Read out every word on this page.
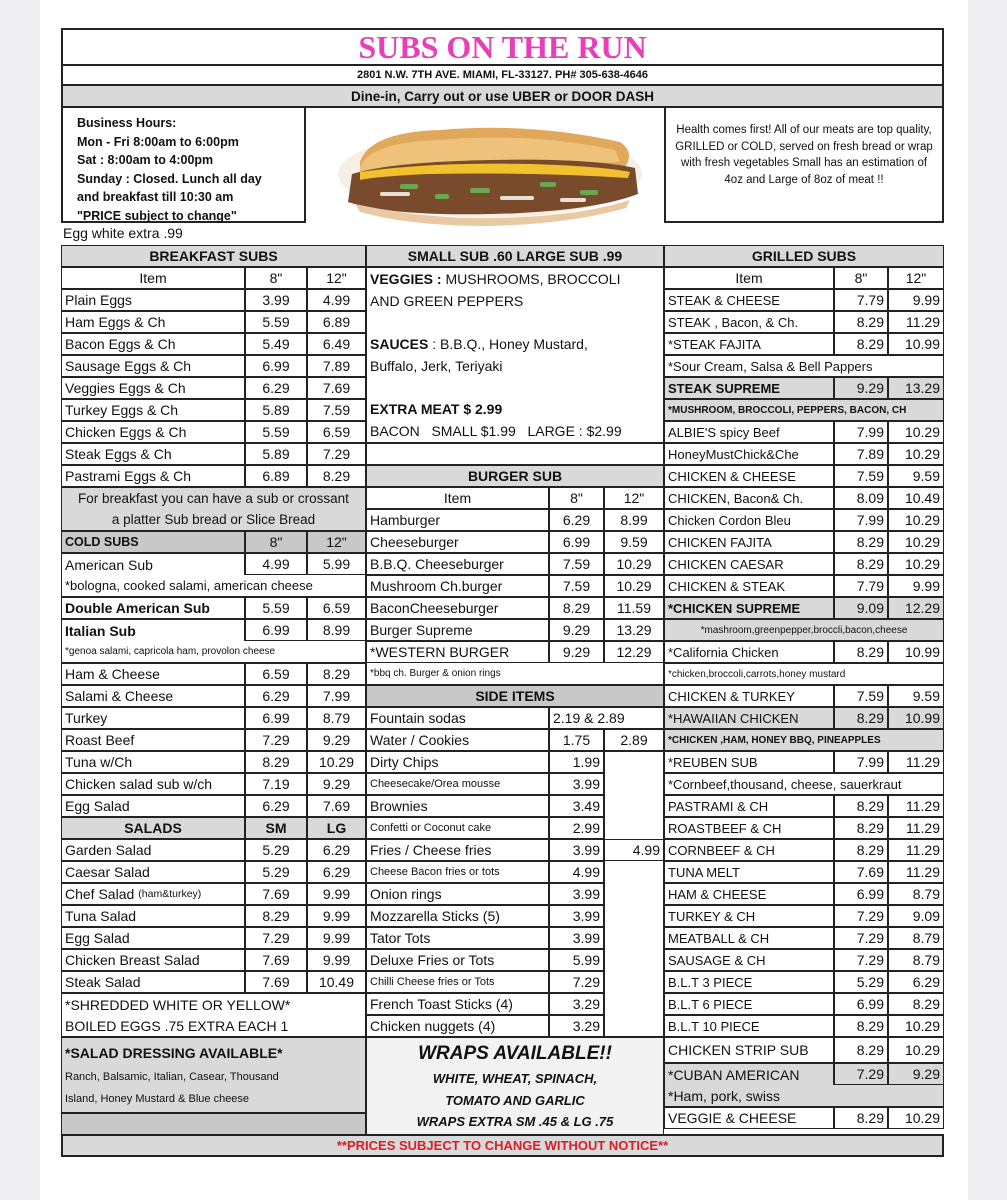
SUBS ON THE RUN
2801 N.W. 7TH AVE. MIAMI, FL-33127. PH# 305-638-4646
Dine-in, Carry out or use UBER or DOOR DASH
Business Hours:
Mon - Fri 8:00am to 6:00pm
Sat : 8:00am to 4:00pm
Sunday : Closed. Lunch all day
and breakfast till 10:30 am
"PRICE subject to change"
Egg white extra .99
Health comes first! All of our meats are top quality, GRILLED or COLD, served on fresh bread or wrap with fresh vegetables Small has an estimation of 4oz and Large of 8oz of meat !!
BREAKFAST SUBS
Item	8"	12"
For breakfast you can have a sub or crossant
a platter Sub bread or Slice Bread
COLD SUBS	8"	12"
American Sub	4.99	5.99
*bologna, cooked salami, american cheese
Double American Sub	5.59	6.59
Italian Sub	6.99	8.99
*genoa salami, capricola ham, provolon cheese
SALADS	SM	LG
*SHREDDED WHITE OR YELLOW*
BOILED EGGS .75 EXTRA EACH 1
*SALAD DRESSING AVAILABLE*
Ranch, Balsamic, Italian, Casear, Thousand
Island, Honey Mustard & Blue cheese
Plain Eggs	3.99	4.99
Ham Eggs & Ch	5.59	6.89
Bacon Eggs & Ch	5.49	6.49
Sausage Eggs & Ch	6.99	7.89
Veggies Eggs & Ch	6.29	7.69
Turkey Eggs & Ch	5.89	7.59
Chicken Eggs & Ch	5.59	6.59
Steak Eggs & Ch	5.89	7.29
Pastrami Eggs & Ch	6.89	8.29
Ham & Cheese	6.59	8.29
Salami & Cheese	6.29	7.99
Turkey	6.99	8.79
Roast Beef	7.29	9.29
Tuna w/Ch	8.29	10.29
Chicken salad sub w/ch	7.19	9.29
Egg Salad	6.29	7.69
Garden Salad	5.29	6.29
Caesar Salad	5.29	6.29
Chef Salad (ham&turkey)	7.69	9.99
Tuna Salad	8.29	9.99
Egg Salad	7.29	9.99
Chicken Breast Salad	7.69	9.99
Steak Salad	7.69	10.49
SMALL SUB .60 LARGE SUB .99
VEGGIES : MUSHROOMS, BROCCOLI
AND GREEN PEPPERS
SAUCES : B.B.Q., Honey Mustard,
Buffalo, Jerk, Teriyaki
EXTRA MEAT $ 2.99
BACON   SMALL $1.99   LARGE : $2.99
BURGER SUB
Item	8"	12"
*bbq ch. Burger & onion rings
SIDE ITEMS
Fountain sodas	2.19 & 2.89
Water / Cookies	1.75	2.89
WRAPS AVAILABLE!!
WHITE, WHEAT, SPINACH,
TOMATO AND GARLIC
WRAPS EXTRA SM .45 & LG .75
Hamburger	6.29	8.99
Cheeseburger	6.99	9.59
B.B.Q. Cheeseburger	7.59	10.29
Mushroom Ch.burger	7.59	10.29
BaconCheeseburger	8.29	11.59
Burger Supreme	9.29	13.29
*WESTERN BURGER	9.29	12.29
Dirty Chips	1.99
Cheesecake/Orea mousse	3.99
Brownies	3.49
Confetti or Coconut cake	2.99
Fries / Cheese fries	3.99	4.99
Cheese Bacon fries or tots	4.99
Onion rings	3.99
Mozzarella Sticks (5)	3.99
Tator Tots	3.99
Deluxe Fries or Tots	5.99
Chilli Cheese fries or Tots	7.29
French Toast Sticks (4)	3.29
Chicken nuggets (4)	3.29
GRILLED SUBS
Item	8"	12"
CHICKEN STRIP SUB	8.29	10.29
*CUBAN AMERICAN	7.29	9.29
*Ham, pork, swiss
VEGGIE & CHEESE	8.29	10.29
STEAK & CHEESE	7.79	9.99
STEAK , Bacon, & Ch.	8.29	11.29
*STEAK FAJITA	8.29	10.99
*Sour Cream, Salsa & Bell Pappers
STEAK SUPREME	9.29	13.29
*MUSHROOM, BROCCOLI, PEPPERS, BACON, CH
ALBIE'S spicy Beef	7.99	10.29
HoneyMustChick&Che	7.89	10.29
CHICKEN & CHEESE	7.59	9.59
CHICKEN, Bacon& Ch.	8.09	10.49
Chicken Cordon Bleu	7.99	10.29
CHICKEN FAJITA	8.29	10.29
CHICKEN CAESAR	8.29	10.29
CHICKEN & STEAK	7.79	9.99
*CHICKEN SUPREME	9.09	12.29
*mashroom,greenpepper,broccli,bacon,cheese
*California Chicken	8.29	10.99
*chicken,broccoli,carrots,honey mustard
CHICKEN & TURKEY	7.59	9.59
*HAWAIIAN CHICKEN	8.29	10.99
*CHICKEN ,HAM, HONEY BBQ, PINEAPPLES
*REUBEN SUB	7.99	11.29
*Cornbeef,thousand, cheese, sauerkraut
PASTRAMI & CH	8.29	11.29
ROASTBEEF & CH	8.29	11.29
CORNBEEF & CH	8.29	11.29
TUNA MELT	7.69	11.29
HAM & CHEESE	6.99	8.79
TURKEY & CH	7.29	9.09
MEATBALL & CH	7.29	8.79
SAUSAGE & CH	7.29	8.79
B.L.T 3 PIECE	5.29	6.29
B.L.T 6 PIECE	6.99	8.29
B.L.T 10 PIECE	8.29	10.29
**PRICES SUBJECT TO CHANGE WITHOUT NOTICE**
